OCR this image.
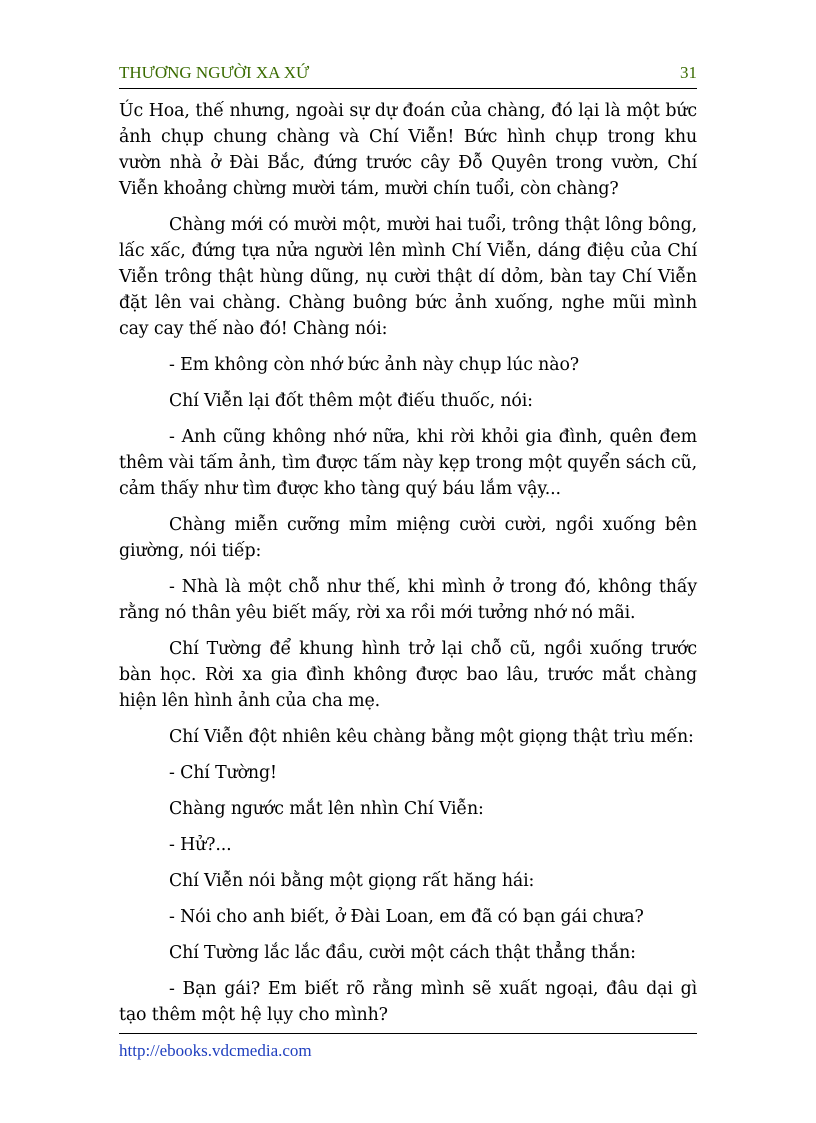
THƯƠNG NGƯỜI XA XỨ	31

Úc Hoa, thế nhưng, ngoài sự dự đoán của chàng, đó lại là một bức ảnh chụp chung chàng và Chí Viễn! Bức hình chụp trong khu vườn nhà ở Đài Bắc, đứng trước cây Đỗ Quyên trong vườn, Chí Viễn khoảng chừng mười tám, mười chín tuổi, còn chàng?

Chàng mới có mười một, mười hai tuổi, trông thật lông bông, lấc xấc, đứng tựa nửa người lên mình Chí Viễn, dáng điệu của Chí Viễn trông thật hùng dũng, nụ cười thật dí dỏm, bàn tay Chí Viễn đặt lên vai chàng. Chàng buông bức ảnh xuống, nghe mũi mình cay cay thế nào đó! Chàng nói:

- Em không còn nhớ bức ảnh này chụp lúc nào?

Chí Viễn lại đốt thêm một điếu thuốc, nói:

- Anh cũng không nhớ nữa, khi rời khỏi gia đình, quên đem thêm vài tấm ảnh, tìm được tấm này kẹp trong một quyển sách cũ, cảm thấy như tìm được kho tàng quý báu lắm vậy...

Chàng miễn cưỡng mỉm miệng cười cười, ngồi xuống bên giường, nói tiếp:

- Nhà là một chỗ như thế, khi mình ở trong đó, không thấy rằng nó thân yêu biết mấy, rời xa rồi mới tưởng nhớ nó mãi.

Chí Tường để khung hình trở lại chỗ cũ, ngồi xuống trước bàn học. Rời xa gia đình không được bao lâu, trước mắt chàng hiện lên hình ảnh của cha mẹ.

Chí Viễn đột nhiên kêu chàng bằng một giọng thật trìu mến:

- Chí Tường!

Chàng ngước mắt lên nhìn Chí Viễn:

- Hử?...

Chí Viễn nói bằng một giọng rất hăng hái:

- Nói cho anh biết, ở Đài Loan, em đã có bạn gái chưa?

Chí Tường lắc lắc đầu, cười một cách thật thẳng thắn:

- Bạn gái? Em biết rõ rằng mình sẽ xuất ngoại, đâu dại gì tạo thêm một hệ lụy cho mình?

http://ebooks.vdcmedia.com
